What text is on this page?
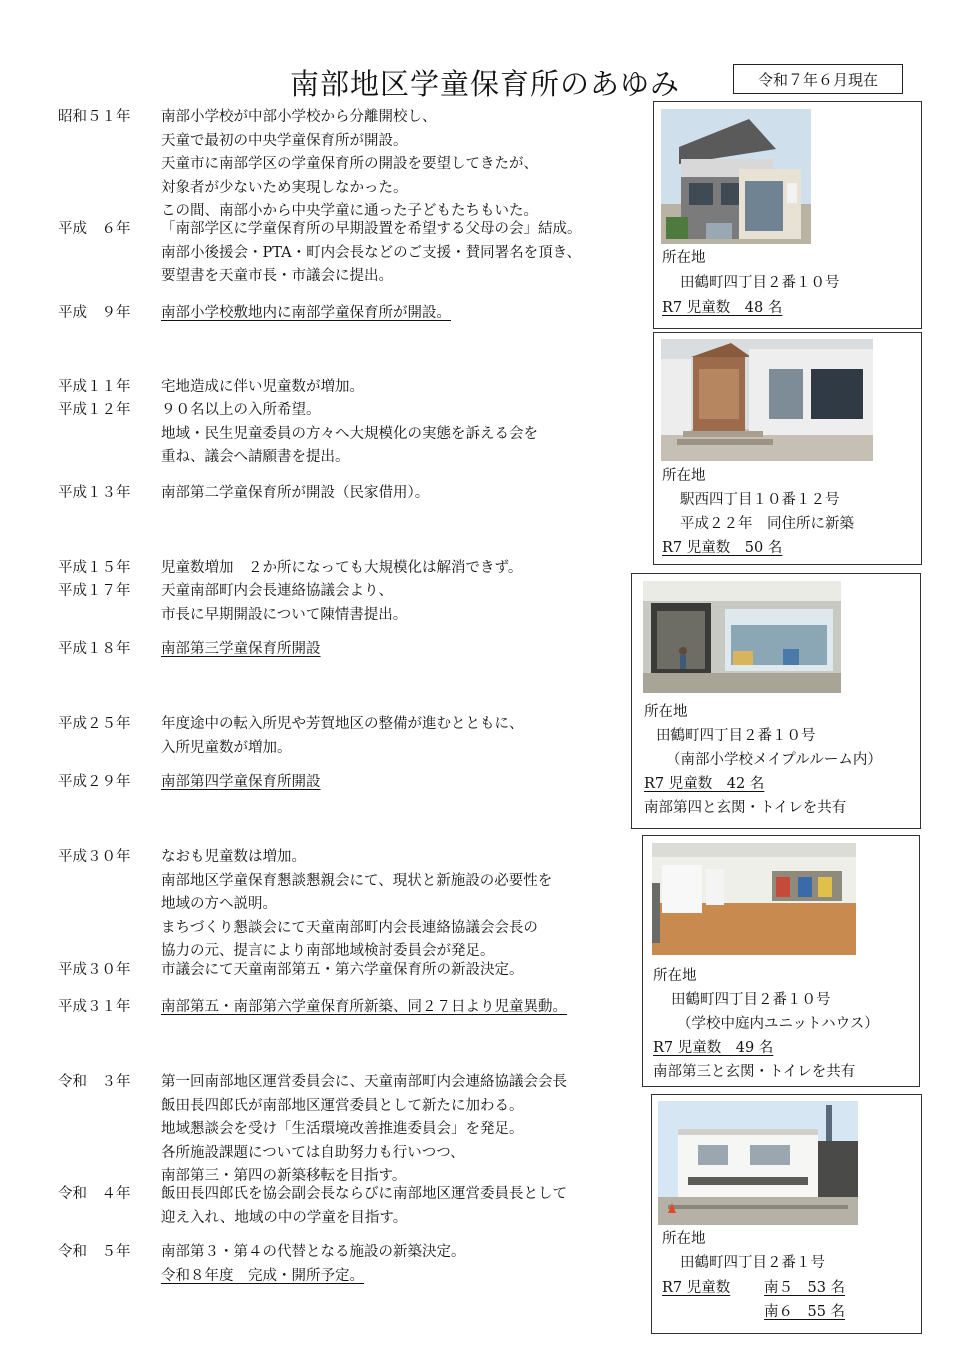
南部地区学童保育所のあゆみ	令和７年６月現在
昭和５１年	南部小学校が中部小学校から分離開校し、
天童で最初の中央学童保育所が開設。
天童市に南部学区の学童保育所の開設を要望してきたが、
対象者が少ないため実現しなかった。
この間、南部小から中央学童に通った子どもたちもいた。
平成　６年	「南部学区に学童保育所の早期設置を希望する父母の会」結成。
南部小後援会・PTA・町内会長などのご支援・賛同署名を頂き、
要望書を天童市長・市議会に提出。
平成　９年	南部小学校敷地内に南部学童保育所が開設。
平成１１年	宅地造成に伴い児童数が増加。
平成１２年	９０名以上の入所希望。
地域・民生児童委員の方々へ大規模化の実態を訴える会を
重ね、議会へ請願書を提出。
平成１３年	南部第二学童保育所が開設（民家借用）。
平成１５年	児童数増加　２か所になっても大規模化は解消できず。
平成１７年	天童南部町内会長連絡協議会より、
市長に早期開設について陳情書提出。
平成１８年	南部第三学童保育所開設
平成２５年	年度途中の転入所児や芳賀地区の整備が進むとともに、
入所児童数が増加。
平成２９年	南部第四学童保育所開設
平成３０年	なおも児童数は増加。
南部地区学童保育懇談懇親会にて、現状と新施設の必要性を
地域の方へ説明。
まちづくり懇談会にて天童南部町内会長連絡協議会会長の
協力の元、提言により南部地域検討委員会が発足。
平成３０年	市議会にて天童南部第五・第六学童保育所の新設決定。
平成３１年	南部第五・南部第六学童保育所新築、同２７日より児童異動。
令和　３年	第一回南部地区運営委員会に、天童南部町内会連絡協議会会長
飯田長四郎氏が南部地区運営委員として新たに加わる。
地域懇談会を受け「生活環境改善推進委員会」を発足。
各所施設課題については自助努力も行いつつ、
南部第三・第四の新築移転を目指す。
令和　４年	飯田長四郎氏を協会副会長ならびに南部地区運営委員長として
迎え入れ、地域の中の学童を目指す。
令和　５年	南部第３・第４の代替となる施設の新築決定。
令和８年度　完成・開所予定。
所在地
田鶴町四丁目２番１０号
R7 児童数　48 名
所在地
駅西四丁目１０番１２号
平成２２年　同住所に新築
R7 児童数　50 名
所在地
田鶴町四丁目２番１０号
（南部小学校メイプルルーム内）
R7 児童数　42 名
南部第四と玄関・トイレを共有
所在地
田鶴町四丁目２番１０号
（学校中庭内ユニットハウス）
R7 児童数　49 名
南部第三と玄関・トイレを共有
所在地
田鶴町四丁目２番１号
R7 児童数 南５　53 名
南６　55 名
